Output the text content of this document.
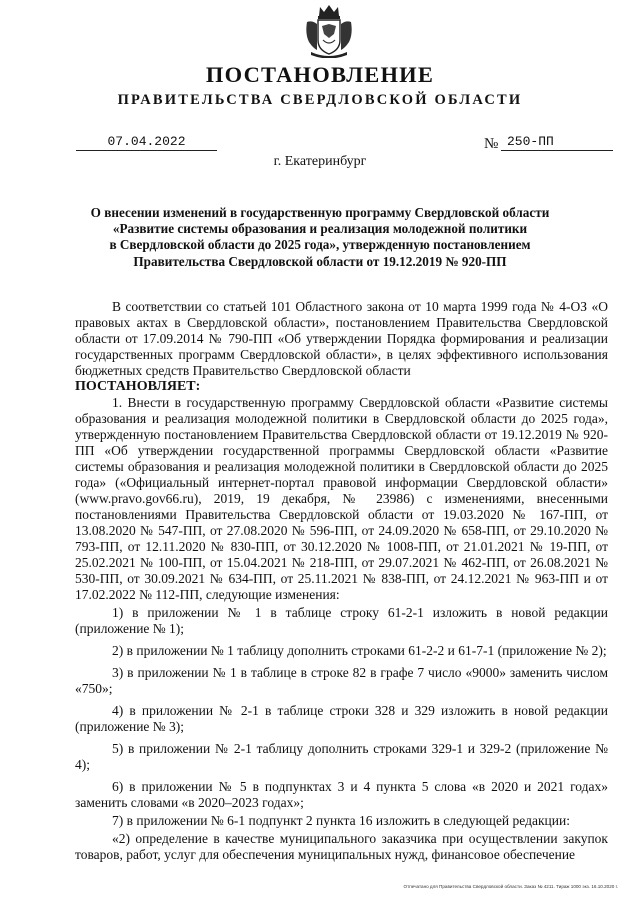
ПОСТАНОВЛЕНИЕ
ПРАВИТЕЛЬСТВА СВЕРДЛОВСКОЙ ОБЛАСТИ
07.04.2022	№ 250-ПП
г. Екатеринбург
О внесении изменений в государственную программу Свердловской области
«Развитие системы образования и реализация молодежной политики
в Свердловской области до 2025 года», утвержденную постановлением
Правительства Свердловской области от 19.12.2019 № 920-ПП

В соответствии со статьей 101 Областного закона от 10 марта 1999 года № 4-ОЗ «О правовых актах в Свердловской области», постановлением Правительства Свердловской области от 17.09.2014 № 790-ПП «Об утверждении Порядка формирования и реализации государственных программ Свердловской области», в целях эффективного использования бюджетных средств Правительство Свердловской области

ПОСТАНОВЛЯЕТ:

1. Внести в государственную программу Свердловской области «Развитие системы образования и реализация молодежной политики в Свердловской области до 2025 года», утвержденную постановлением Правительства Свердловской области от 19.12.2019 № 920-ПП «Об утверждении государственной программы Свердловской области «Развитие системы образования и реализация молодежной политики в Свердловской области до 2025 года» («Официальный интернет-портал правовой информации Свердловской области» (www.pravo.gov66.ru), 2019, 19 декабря, № 23986) с изменениями, внесенными постановлениями Правительства Свердловской области от 19.03.2020 № 167-ПП, от 13.08.2020 № 547-ПП, от 27.08.2020 № 596-ПП, от 24.09.2020 № 658-ПП, от 29.10.2020 № 793-ПП, от 12.11.2020 № 830-ПП, от 30.12.2020 № 1008-ПП, от 21.01.2021 № 19-ПП, от 25.02.2021 № 100-ПП, от 15.04.2021 № 218-ПП, от 29.07.2021 № 462-ПП, от 26.08.2021 № 530-ПП, от 30.09.2021 № 634-ПП, от 25.11.2021 № 838-ПП, от 24.12.2021 № 963-ПП и от 17.02.2022 № 112-ПП, следующие изменения:

1) в приложении № 1 в таблице строку 61-2-1 изложить в новой редакции (приложение № 1);

2) в приложении № 1 таблицу дополнить строками 61-2-2 и 61-7-1 (приложение № 2);

3) в приложении № 1 в таблице в строке 82 в графе 7 число «9000» заменить числом «750»;

4) в приложении № 2-1 в таблице строки 328 и 329 изложить в новой редакции (приложение № 3);

5) в приложении № 2-1 таблицу дополнить строками 329-1 и 329-2 (приложение № 4);

6) в приложении № 5 в подпунктах 3 и 4 пункта 5 слова «в 2020 и 2021 годах» заменить словами «в 2020–2023 годах»;

7) в приложении № 6-1 подпункт 2 пункта 16 изложить в следующей редакции:

«2) определение в качестве муниципального заказчика при осуществлении закупок товаров, работ, услуг для обеспечения муниципальных нужд, финансовое обеспечение

Отпечатано для Правительства Свердловской области. Заказ № 4211. Тираж 1000 экз. 16.10.2020 г.
